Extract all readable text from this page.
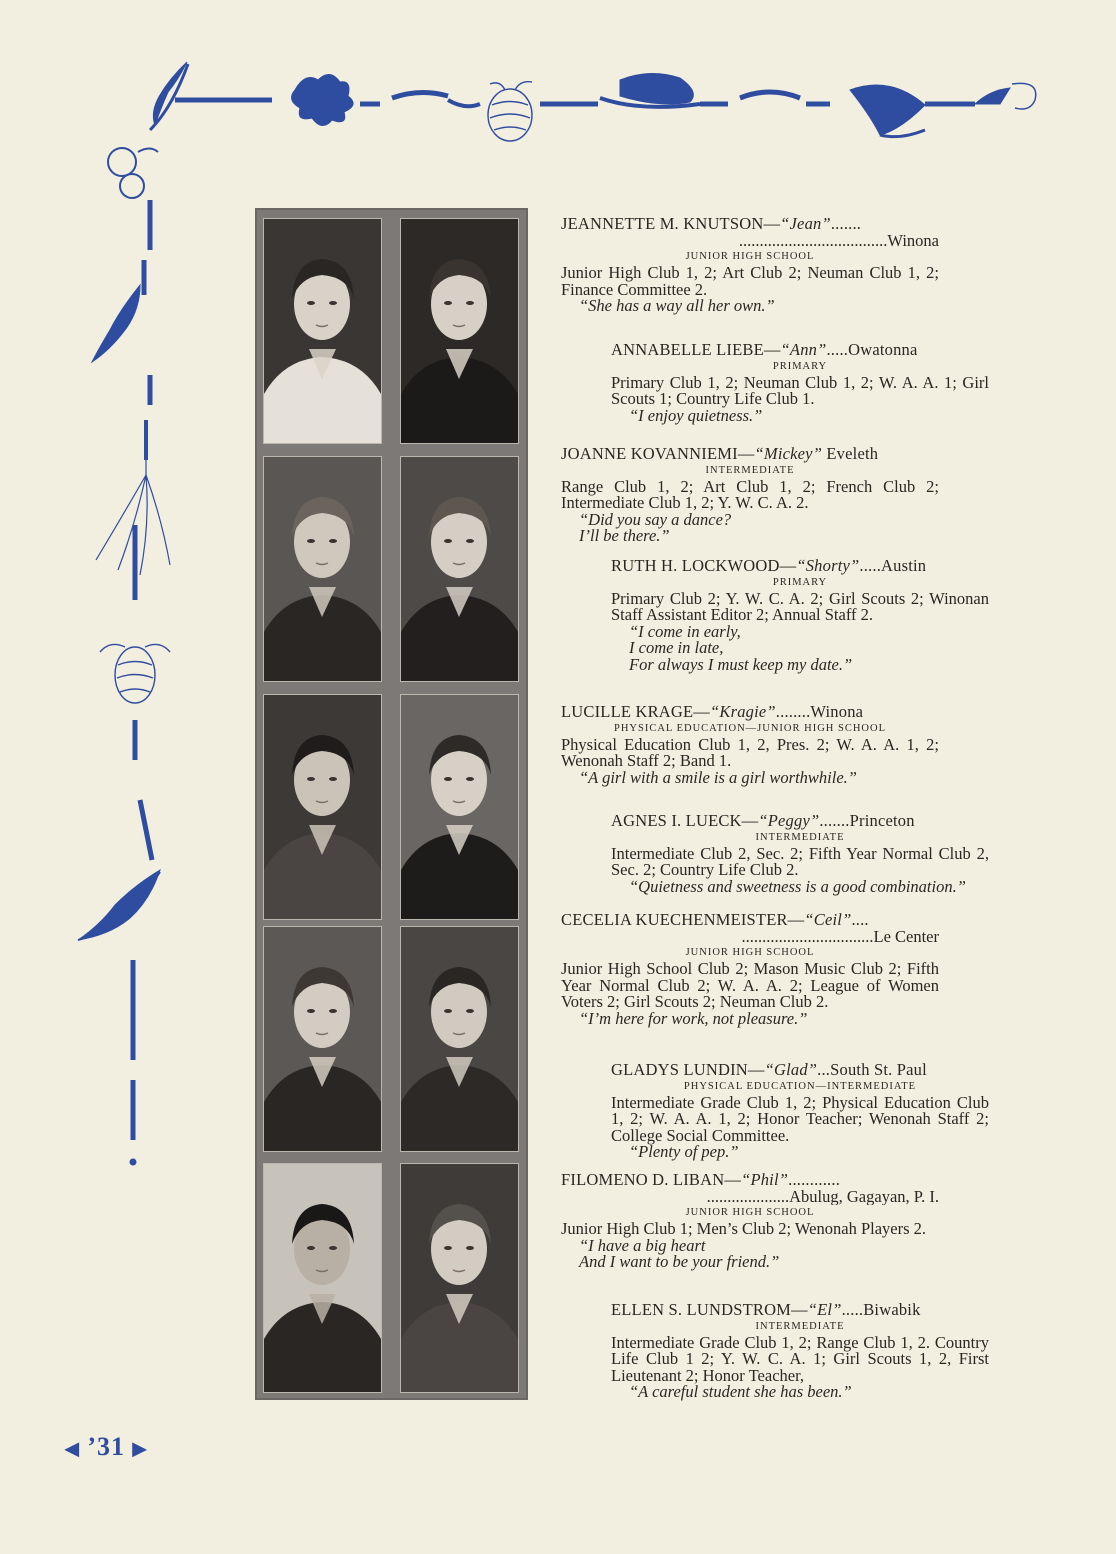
JEANNETTE M. KNUTSON—“Jean”.......
....................................Winona
JUNIOR HIGH SCHOOL
Junior High Club 1, 2; Art Club 2; Neuman Club 1, 2; Finance Committee 2.
“She has a way all her own.”
ANNABELLE LIEBE—“Ann”.....Owatonna
PRIMARY
Primary Club 1, 2; Neuman Club 1, 2; W. A. A. 1; Girl Scouts 1; Country Life Club 1.
“I enjoy quietness.”
JOANNE KOVANNIEMI—“Mickey” Eveleth
INTERMEDIATE
Range Club 1, 2; Art Club 1, 2; French Club 2; Intermediate Club 1, 2; Y. W. C. A. 2.
“Did you say a dance?
I’ll be there.”
RUTH H. LOCKWOOD—“Shorty”.....Austin
PRIMARY
Primary Club 2; Y. W. C. A. 2; Girl Scouts 2; Winonan Staff Assistant Editor 2; Annual Staff 2.
“I come in early,
I come in late,
For always I must keep my date.”
LUCILLE KRAGE—“Kragie”........Winona
PHYSICAL EDUCATION—JUNIOR HIGH SCHOOL
Physical Education Club 1, 2, Pres. 2; W. A. A. 1, 2; Wenonah Staff 2; Band 1.
“A girl with a smile is a girl worthwhile.”
AGNES I. LUECK—“Peggy”.......Princeton
INTERMEDIATE
Intermediate Club 2, Sec. 2; Fifth Year Normal Club 2, Sec. 2; Country Life Club 2.
“Quietness and sweetness is a good combination.”
CECELIA KUECHENMEISTER—“Ceil”....
................................Le Center
JUNIOR HIGH SCHOOL
Junior High School Club 2; Mason Music Club 2; Fifth Year Normal Club 2; W. A. A. 2; League of Women Voters 2; Girl Scouts 2; Neuman Club 2.
“I’m here for work, not pleasure.”
GLADYS LUNDIN—“Glad”...South St. Paul
PHYSICAL EDUCATION—INTERMEDIATE
Intermediate Grade Club 1, 2; Physical Education Club 1, 2; W. A. A. 1, 2; Honor Teacher; Wenonah Staff 2; College Social Committee.
“Plenty of pep.”
FILOMENO D. LIBAN—“Phil”............
....................Abulug, Gagayan, P. I.
JUNIOR HIGH SCHOOL
Junior High Club 1; Men’s Club 2; Wenonah Players 2.
“I have a big heart
And I want to be your friend.”
ELLEN S. LUNDSTROM—“El”.....Biwabik
INTERMEDIATE
Intermediate Grade Club 1, 2; Range Club 1, 2. Country Life Club 1 2; Y. W. C. A. 1; Girl Scouts 1, 2, First Lieutenant 2; Honor Teacher,
“A careful student she has been.”
◀ ’31 ▶
